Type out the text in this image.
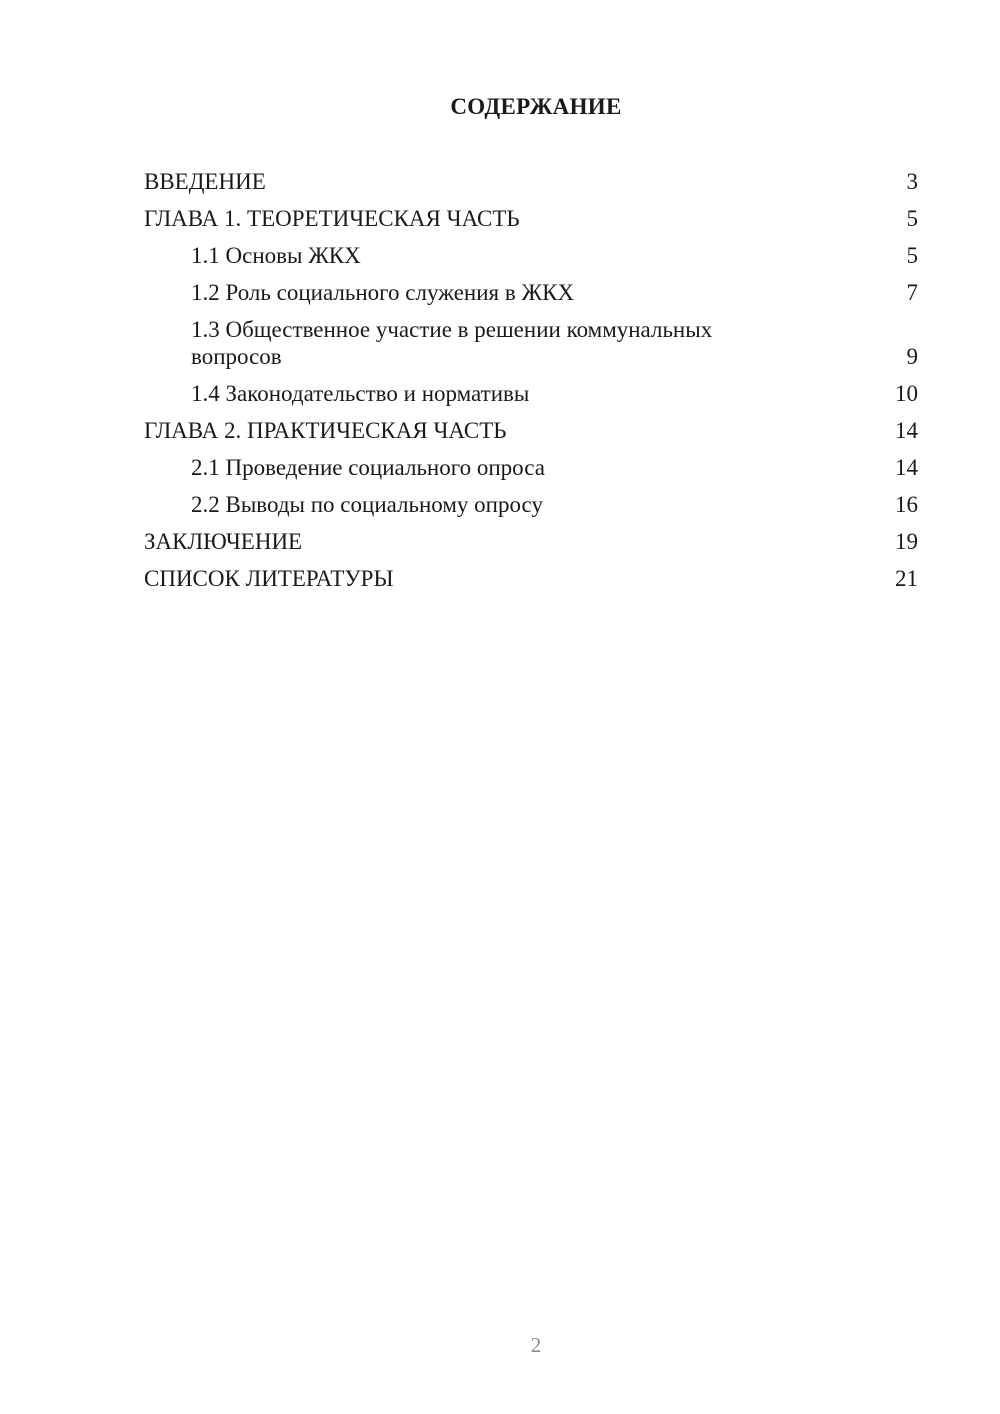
СОДЕРЖАНИЕ
ВВЕДЕНИЕ	3
ГЛАВА 1. ТЕОРЕТИЧЕСКАЯ ЧАСТЬ	5
1.1 Основы ЖКХ	5
1.2 Роль социального служения в ЖКХ	7
1.3 Общественное участие в решении коммунальных вопросов	9
1.4 Законодательство и нормативы	10
ГЛАВА 2. ПРАКТИЧЕСКАЯ ЧАСТЬ	14
2.1 Проведение социального опроса	14
2.2 Выводы по социальному опросу	16
ЗАКЛЮЧЕНИЕ	19
СПИСОК ЛИТЕРАТУРЫ	21
2
